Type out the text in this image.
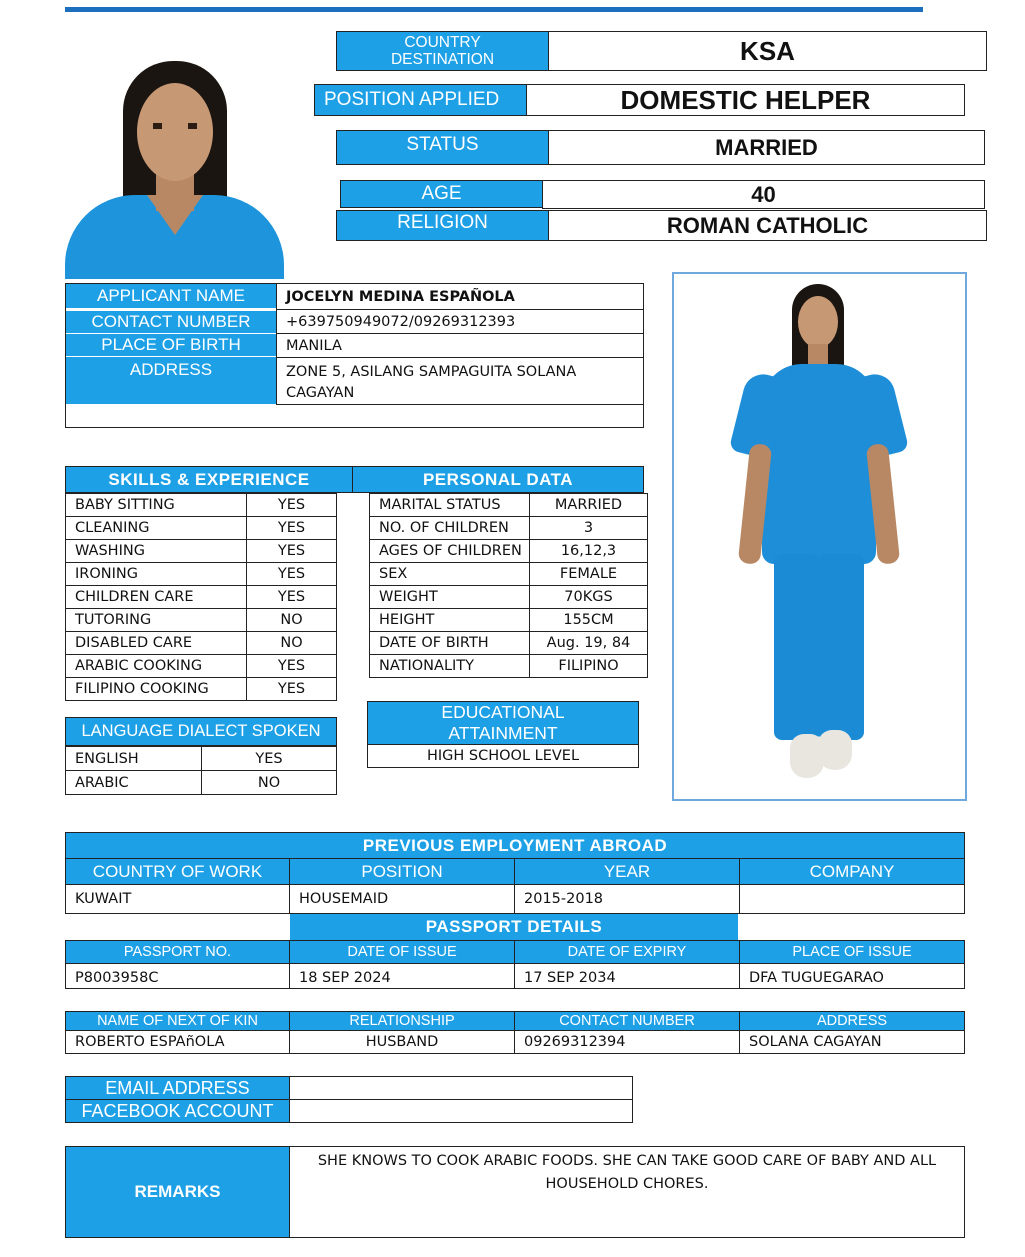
COUNTRY DESTINATION	KSA
POSITION APPLIED	DOMESTIC HELPER
STATUS	MARRIED
AGE	40
RELIGION	ROMAN CATHOLIC
APPLICANT NAME	JOCELYN MEDINA ESPAÑOLA
CONTACT NUMBER +639750949072/09269312393
PLACE OF BIRTH	MANILA
ADDRESS	ZONE 5, ASILANG SAMPAGUITA SOLANA
CAGAYAN
SKILLS & EXPERIENCE
BABY SITTING	YES
CLEANING	YES
WASHING	YES
IRONING	YES
CHILDREN CARE	YES
TUTORING	NO
DISABLED CARE	NO
ARABIC COOKING	YES
FILIPINO COOKING	YES
PERSONAL DATA
MARITAL STATUS	MARRIED
NO. OF CHILDREN	3
AGES OF CHILDREN	16,12,3
SEX	FEMALE
WEIGHT	70KGS
HEIGHT	155CM
DATE OF BIRTH	Aug. 19, 84
NATIONALITY	FILIPINO
LANGUAGE DIALECT SPOKEN
ENGLISH	YES
ARABIC	NO
EDUCATIONAL
ATTAINMENT
HIGH SCHOOL LEVEL
PREVIOUS EMPLOYMENT ABROAD
COUNTRY OF WORK	POSITION	YEAR	COMPANY
KUWAIT	HOUSEMAID	2015-2018
PASSPORT DETAILS
PASSPORT NO.	DATE OF ISSUE	DATE OF EXPIRY	PLACE OF ISSUE
P8003958C	18 SEP 2024	17 SEP 2034	DFA TUGUEGARAO
NAME OF NEXT OF KIN	RELATIONSHIP	CONTACT NUMBER	ADDRESS
ROBERTO ESPAñOLA	HUSBAND	09269312394	SOLANA CAGAYAN
EMAIL ADDRESS
FACEBOOK ACCOUNT
REMARKS
SHE KNOWS TO COOK ARABIC FOODS. SHE CAN TAKE GOOD CARE OF BABY AND ALL
HOUSEHOLD CHORES.
